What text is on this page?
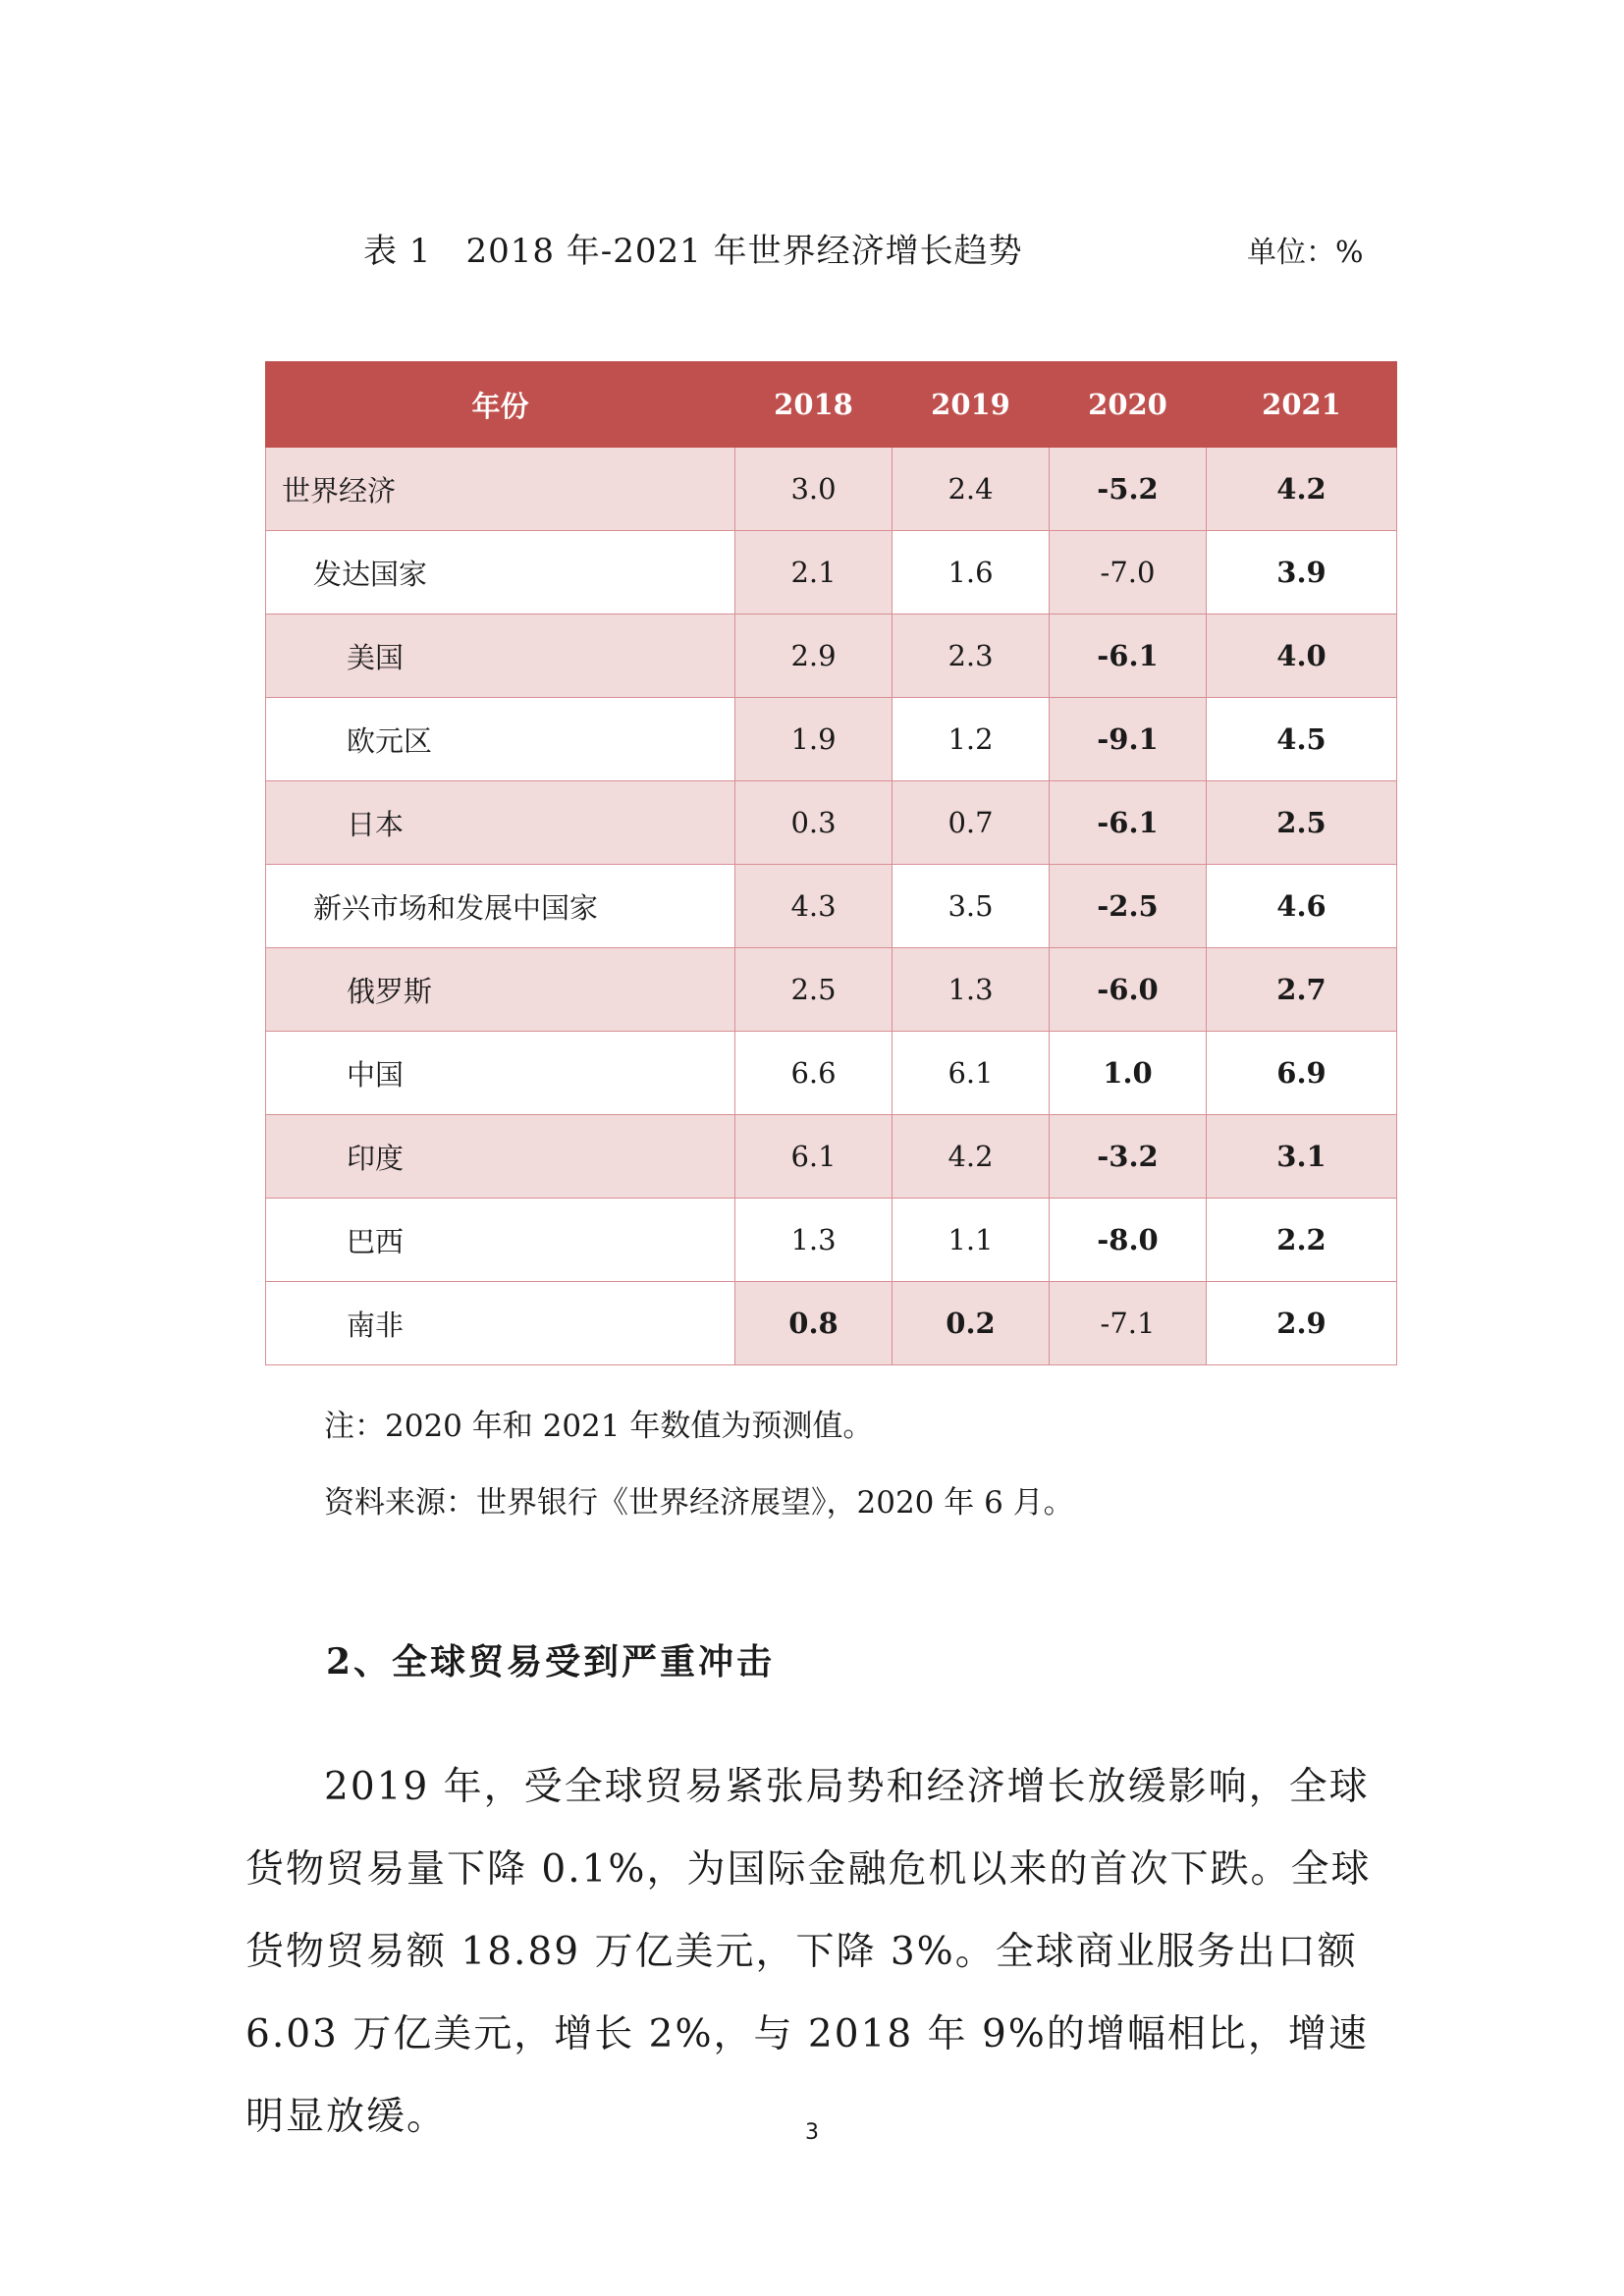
表 1　2018 年-2021 年世界经济增长趋势	单位：%
年份	2018	2019	2020	2021
世界经济	3.0	2.4	-5.2	4.2
发达国家	2.1	1.6	-7.0	3.9
美国	2.9	2.3	-6.1	4.0
欧元区	1.9	1.2	-9.1	4.5
日本	0.3	0.7	-6.1	2.5
新兴市场和发展中国家	4.3	3.5	-2.5	4.6
俄罗斯	2.5	1.3	-6.0	2.7
中国	6.6	6.1	1.0	6.9
印度	6.1	4.2	-3.2	3.1
巴西	1.3	1.1	-8.0	2.2
南非	0.8	0.2	-7.1	2.9
注：2020 年和 2021 年数值为预测值。
资料来源：世界银行《世界经济展望》，2020 年 6 月。
2、全球贸易受到严重冲击

2019 年，受全球贸易紧张局势和经济增长放缓影响，全球货物贸易量下降 0.1%，为国际金融危机以来的首次下跌。全球货物贸易额 18.89 万亿美元，下降 3%。全球商业服务出口额 6.03 万亿美元，增长 2%，与 2018 年 9%的增幅相比，增速明显放缓。	3
